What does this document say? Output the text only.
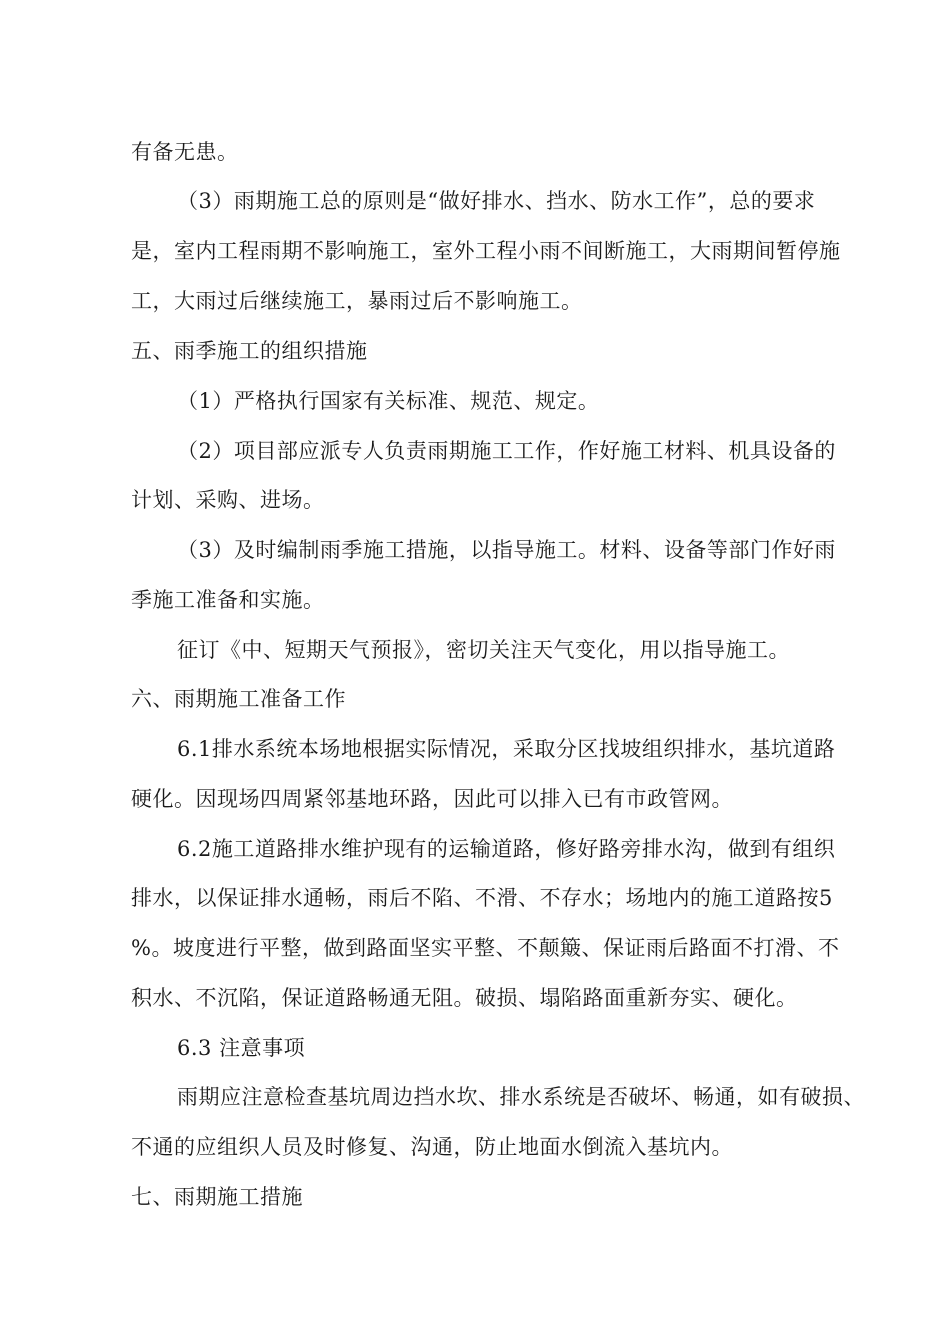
有备无患。
（3）雨期施工总的原则是“做好排水、挡水、防水工作”，总的要求
是，室内工程雨期不影响施工，室外工程小雨不间断施工，大雨期间暂停施
工，大雨过后继续施工，暴雨过后不影响施工。
五、雨季施工的组织措施
（1）严格执行国家有关标准、规范、规定。
（2）项目部应派专人负责雨期施工工作，作好施工材料、机具设备的
计划、采购、进场。
（3）及时编制雨季施工措施，以指导施工。材料、设备等部门作好雨
季施工准备和实施。
征订《中、短期天气预报》，密切关注天气变化，用以指导施工。
六、雨期施工准备工作
6.1排水系统本场地根据实际情况，采取分区找坡组织排水，基坑道路
硬化。因现场四周紧邻基地环路，因此可以排入已有市政管网。
6.2施工道路排水维护现有的运输道路，修好路旁排水沟，做到有组织
排水，以保证排水通畅，雨后不陷、不滑、不存水；场地内的施工道路按5
%。坡度进行平整，做到路面坚实平整、不颠簸、保证雨后路面不打滑、不
积水、不沉陷，保证道路畅通无阻。破损、塌陷路面重新夯实、硬化。
6.3 注意事项
雨期应注意检查基坑周边挡水坎、排水系统是否破坏、畅通，如有破损、
不通的应组织人员及时修复、沟通，防止地面水倒流入基坑内。
七、雨期施工措施
